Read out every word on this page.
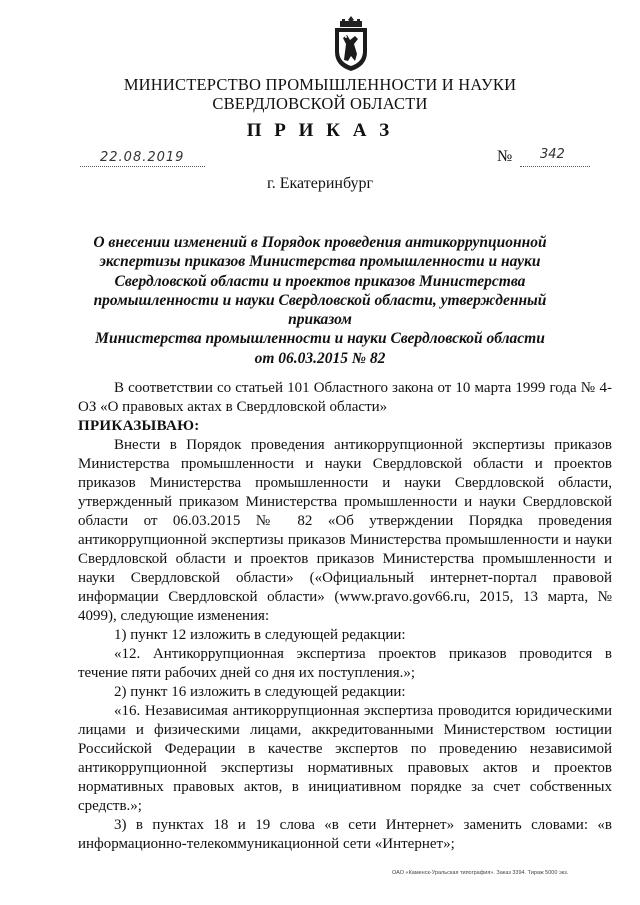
МИНИСТЕРСТВО ПРОМЫШЛЕННОСТИ И НАУКИ
СВЕРДЛОВСКОЙ ОБЛАСТИ
П Р И К А З
22.08.2019	№ 342
г. Екатеринбург
О внесении изменений в Порядок проведения антикоррупционной
экспертизы приказов Министерства промышленности и науки
Свердловской области и проектов приказов Министерства
промышленности и науки Свердловской области, утвержденный приказом
Министерства промышленности и науки Свердловской области
от 06.03.2015 № 82

В соответствии со статьей 101 Областного закона от 10 марта 1999 года № 4-ОЗ «О правовых актах в Свердловской области»

ПРИКАЗЫВАЮ:

Внести в Порядок проведения антикоррупционной экспертизы приказов Министерства промышленности и науки Свердловской области и проектов приказов Министерства промышленности и науки Свердловской области, утвержденный приказом Министерства промышленности и науки Свердловской области от 06.03.2015 № 82 «Об утверждении Порядка проведения антикоррупционной экспертизы приказов Министерства промышленности и науки Свердловской области и проектов приказов Министерства промышленности и науки Свердловской области» («Официальный интернет-портал правовой информации Свердловской области» (www.pravo.gov66.ru, 2015, 13 марта, № 4099), следующие изменения:

1) пункт 12 изложить в следующей редакции:

«12. Антикоррупционная экспертиза проектов приказов проводится в течение пяти рабочих дней со дня их поступления.»;

2) пункт 16 изложить в следующей редакции:

«16. Независимая антикоррупционная экспертиза проводится юридическими лицами и физическими лицами, аккредитованными Министерством юстиции Российской Федерации в качестве экспертов по проведению независимой антикоррупционной экспертизы нормативных правовых актов и проектов нормативных правовых актов, в инициативном порядке за счет собственных средств.»;

3) в пунктах 18 и 19 слова «в сети Интернет» заменить словами: «в информационно-телекоммуникационной сети «Интернет»;

ОАО «Каменск-Уральская типография». Заказ 3394. Тираж 5000 экз.
